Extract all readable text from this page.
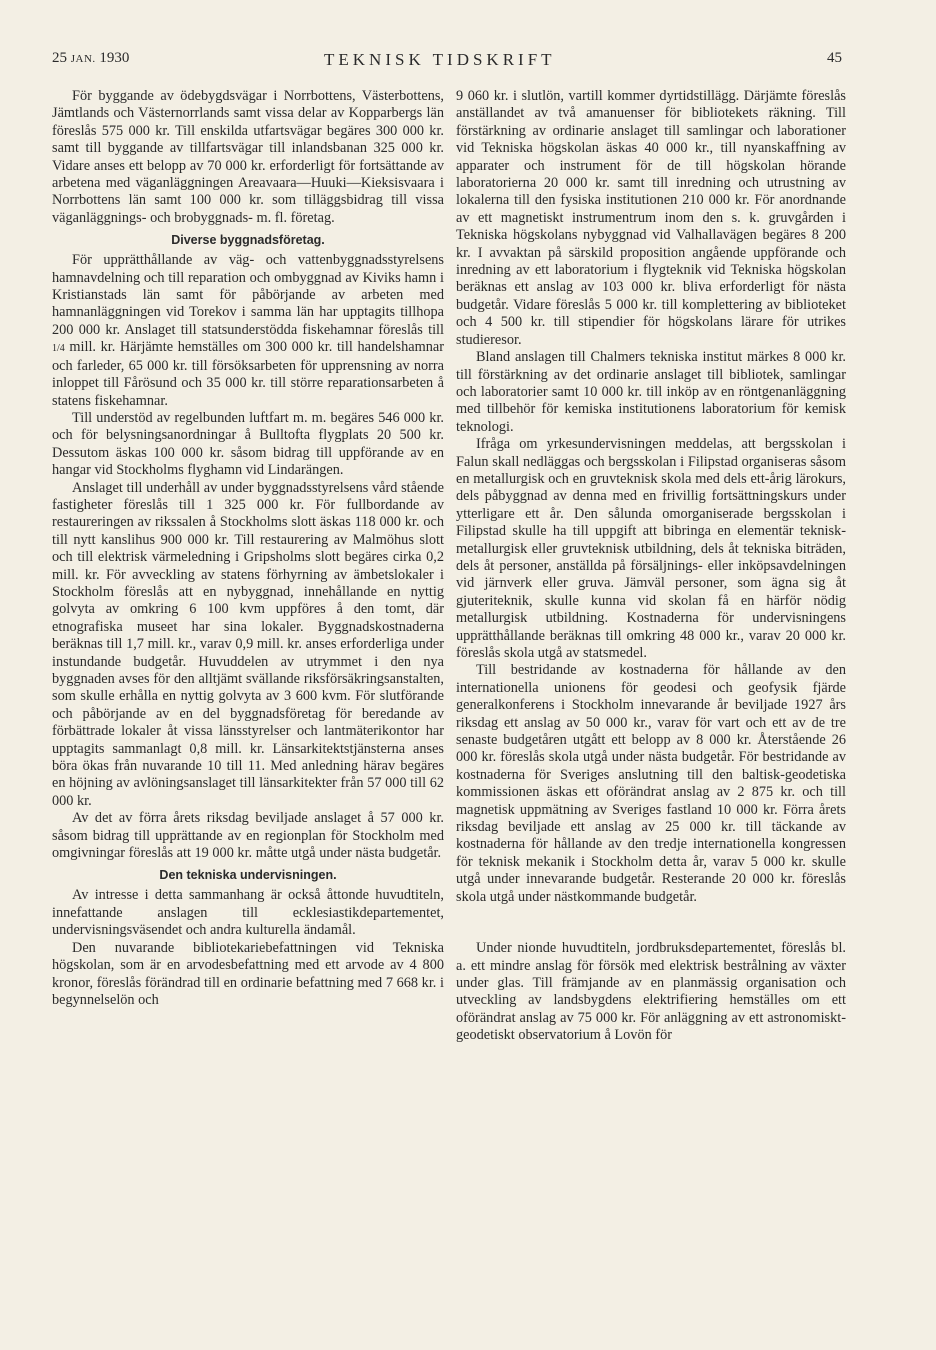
25 JAN. 1930	TEKNISK TIDSKRIFT	45

För byggande av ödebygdsvägar i Norrbottens, Västerbottens, Jämtlands och Västernorrlands samt vissa delar av Kopparbergs län föreslås 575 000 kr. Till enskilda utfartsvägar begäres 300 000 kr. samt till byggande av tillfartsvägar till inlandsbanan 325 000 kr. Vidare anses ett belopp av 70 000 kr. erforderligt för fortsättande av arbetena med väganläggningen Areavaara—Huuki—Kieksisvaara i Norrbottens län samt 100 000 kr. som tilläggsbidrag till vissa väganläggnings- och brobyggnads- m. fl. företag.

Diverse byggnadsföretag.

För upprätthållande av väg- och vattenbyggnadsstyrelsens hamnavdelning och till reparation och ombyggnad av Kiviks hamn i Kristianstads län samt för påbörjande av arbeten med hamnanläggningen vid Torekov i samma län har upptagits tillhopa 200 000 kr. Anslaget till statsunderstödda fiskehamnar föreslås till 1/4 mill. kr. Härjämte hemställes om 300 000 kr. till handelshamnar och farleder, 65 000 kr. till försöksarbeten för upprensning av norra inloppet till Fårösund och 35 000 kr. till större reparationsarbeten å statens fiskehamnar.

Till understöd av regelbunden luftfart m. m. begäres 546 000 kr. och för belysningsanordningar å Bulltofta flygplats 20 500 kr. Dessutom äskas 100 000 kr. såsom bidrag till uppförande av en hangar vid Stockholms flyghamn vid Lindarängen.

Anslaget till underhåll av under byggnadsstyrelsens vård stående fastigheter föreslås till 1 325 000 kr. För fullbordande av restaureringen av rikssalen å Stockholms slott äskas 118 000 kr. och till nytt kanslihus 900 000 kr. Till restaurering av Malmöhus slott och till elektrisk värmeledning i Gripsholms slott begäres cirka 0,2 mill. kr. För avveckling av statens förhyrning av ämbetslokaler i Stockholm föreslås att en nybyggnad, innehållande en nyttig golvyta av omkring 6 100 kvm uppföres å den tomt, där etnografiska museet har sina lokaler. Byggnadskostnaderna beräknas till 1,7 mill. kr., varav 0,9 mill. kr. anses erforderliga under instundande budgetår. Huvuddelen av utrymmet i den nya byggnaden avses för den alltjämt svällande riksförsäkringsanstalten, som skulle erhålla en nyttig golvyta av 3 600 kvm. För slutförande och påbörjande av en del byggnadsföretag för beredande av förbättrade lokaler åt vissa länsstyrelser och lantmäterikontor har upptagits sammanlagt 0,8 mill. kr. Länsarkitektstjänsterna anses böra ökas från nuvarande 10 till 11. Med anledning härav begäres en höjning av avlöningsanslaget till länsarkitekter från 57 000 till 62 000 kr.

Av det av förra årets riksdag beviljade anslaget å 57 000 kr. såsom bidrag till upprättande av en regionplan för Stockholm med omgivningar föreslås att 19 000 kr. måtte utgå under nästa budgetår.

Den tekniska undervisningen.

Av intresse i detta sammanhang är också åttonde huvudtiteln, innefattande anslagen till ecklesiastikdepartementet, undervisningsväsendet och andra kulturella ändamål.

Den nuvarande bibliotekariebefattningen vid Tekniska högskolan, som är en arvodesbefattning med ett arvode av 4 800 kronor, föreslås förändrad till en ordinarie befattning med 7 668 kr. i begynnelselön och

9 060 kr. i slutlön, vartill kommer dyrtidstillägg. Därjämte föreslås anställandet av två amanuenser för bibliotekets räkning. Till förstärkning av ordinarie anslaget till samlingar och laborationer vid Tekniska högskolan äskas 40 000 kr., till nyanskaffning av apparater och instrument för de till högskolan hörande laboratorierna 20 000 kr. samt till inredning och utrustning av lokalerna till den fysiska institutionen 210 000 kr. För anordnande av ett magnetiskt instrumentrum inom den s. k. gruvgården i Tekniska högskolans nybyggnad vid Valhallavägen begäres 8 200 kr. I avvaktan på särskild proposition angående uppförande och inredning av ett laboratorium i flygteknik vid Tekniska högskolan beräknas ett anslag av 103 000 kr. bliva erforderligt för nästa budgetår. Vidare föreslås 5 000 kr. till komplettering av biblioteket och 4 500 kr. till stipendier för högskolans lärare för utrikes studieresor.

Bland anslagen till Chalmers tekniska institut märkes 8 000 kr. till förstärkning av det ordinarie anslaget till bibliotek, samlingar och laboratorier samt 10 000 kr. till inköp av en röntgenanläggning med tillbehör för kemiska institutionens laboratorium för kemisk teknologi.

Ifråga om yrkesundervisningen meddelas, att bergsskolan i Falun skall nedläggas och bergsskolan i Filipstad organiseras såsom en metallurgisk och en gruvteknisk skola med dels ett-årig lärokurs, dels påbyggnad av denna med en frivillig fortsättningskurs under ytterligare ett år. Den sålunda omorganiserade bergsskolan i Filipstad skulle ha till uppgift att bibringa en elementär teknisk-metallurgisk eller gruvteknisk utbildning, dels åt tekniska biträden, dels åt personer, anställda på försäljnings- eller inköpsavdelningen vid järnverk eller gruva. Jämväl personer, som ägna sig åt gjuteriteknik, skulle kunna vid skolan få en härför nödig metallurgisk utbildning. Kostnaderna för undervisningens upprätthållande beräknas till omkring 48 000 kr., varav 20 000 kr. föreslås skola utgå av statsmedel.

Till bestridande av kostnaderna för hållande av den internationella unionens för geodesi och geofysik fjärde generalkonferens i Stockholm innevarande år beviljade 1927 års riksdag ett anslag av 50 000 kr., varav för vart och ett av de tre senaste budgetåren utgått ett belopp av 8 000 kr. Återstående 26 000 kr. föreslås skola utgå under nästa budgetår. För bestridande av kostnaderna för Sveriges anslutning till den baltisk-geodetiska kommissionen äskas ett oförändrat anslag av 2 875 kr. och till magnetisk uppmätning av Sveriges fastland 10 000 kr. Förra årets riksdag beviljade ett anslag av 25 000 kr. till täckande av kostnaderna för hållande av den tredje internationella kongressen för teknisk mekanik i Stockholm detta år, varav 5 000 kr. skulle utgå under innevarande budgetår. Resterande 20 000 kr. föreslås skola utgå under nästkommande budgetår.

Under nionde huvudtiteln, jordbruksdepartementet, föreslås bl. a. ett mindre anslag för försök med elektrisk bestrålning av växter under glas. Till främjande av en planmässig organisation och utveckling av landsbygdens elektrifiering hemställes om ett oförändrat anslag av 75 000 kr. För anläggning av ett astronomiskt-geodetiskt observatorium å Lovön för
